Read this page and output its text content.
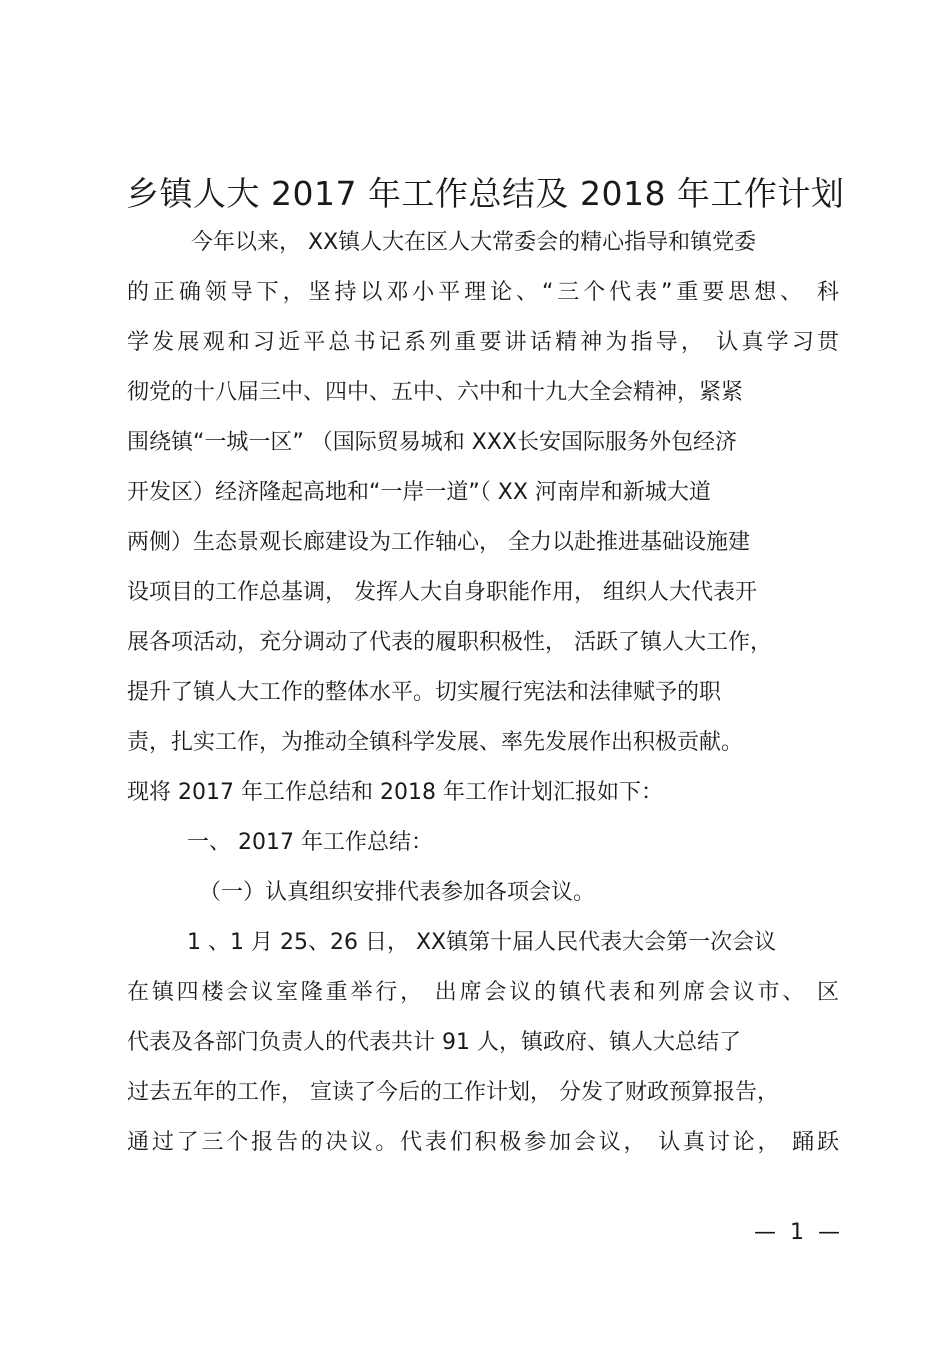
乡镇人大 2017 年工作总结及 2018 年工作计划
今年以来， XX镇人大在区人大常委会的精心指导和镇党委
的正确领导下，坚持以邓小平理论、“三个代表”重要思想、 科
学发展观和习近平总书记系列重要讲话精神为指导， 认真学习贯
彻党的十八届三中、四中、五中、六中和十九大全会精神，紧紧
围绕镇“一城一区” （国际贸易城和 XXX长安国际服务外包经济
开发区）经济隆起高地和“一岸一道”（ XX 河南岸和新城大道
两侧）生态景观长廊建设为工作轴心， 全力以赴推进基础设施建
设项目的工作总基调， 发挥人大自身职能作用， 组织人大代表开
展各项活动，充分调动了代表的履职积极性， 活跃了镇人大工作，
提升了镇人大工作的整体水平。切实履行宪法和法律赋予的职
责，扎实工作，为推动全镇科学发展、率先发展作出积极贡献。
现将 2017 年工作总结和 2018 年工作计划汇报如下：
一、 2017 年工作总结：
（一）认真组织安排代表参加各项会议。
1 、1 月 25、26 日， XX镇第十届人民代表大会第一次会议
在镇四楼会议室隆重举行， 出席会议的镇代表和列席会议市、 区
代表及各部门负责人的代表共计 91 人，镇政府、镇人大总结了
过去五年的工作， 宣读了今后的工作计划， 分发了财政预算报告，
通过了三个报告的决议。代表们积极参加会议， 认真讨论， 踊跃
—  1  —
